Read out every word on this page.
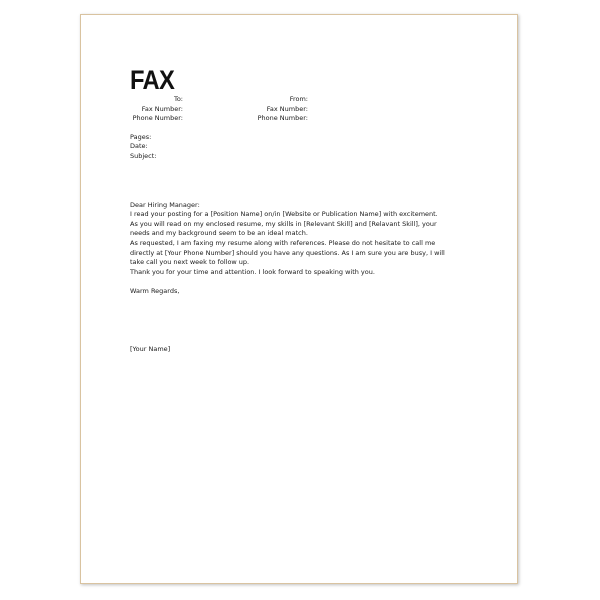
FAX
To:
Fax Number:
Phone Number:
From:
Fax Number:
Phone Number:
Pages:
Date:
Subject:
Dear Hiring Manager:

I read your posting for a [Position Name] on/in [Website or Publication Name] with excitement. As you will read on my enclosed resume, my skills in [Relevant Skill] and [Relavant Skill], your needs and my background seem to be an ideal match.

As requested, I am faxing my resume along with references. Please do not hesitate to call me directly at [Your Phone Number] should you have any questions. As I am sure you are busy, I will take call you next week to follow up.

Thank you for your time and attention. I look forward to speaking with you.

Warm Regards,
[Your Name]
